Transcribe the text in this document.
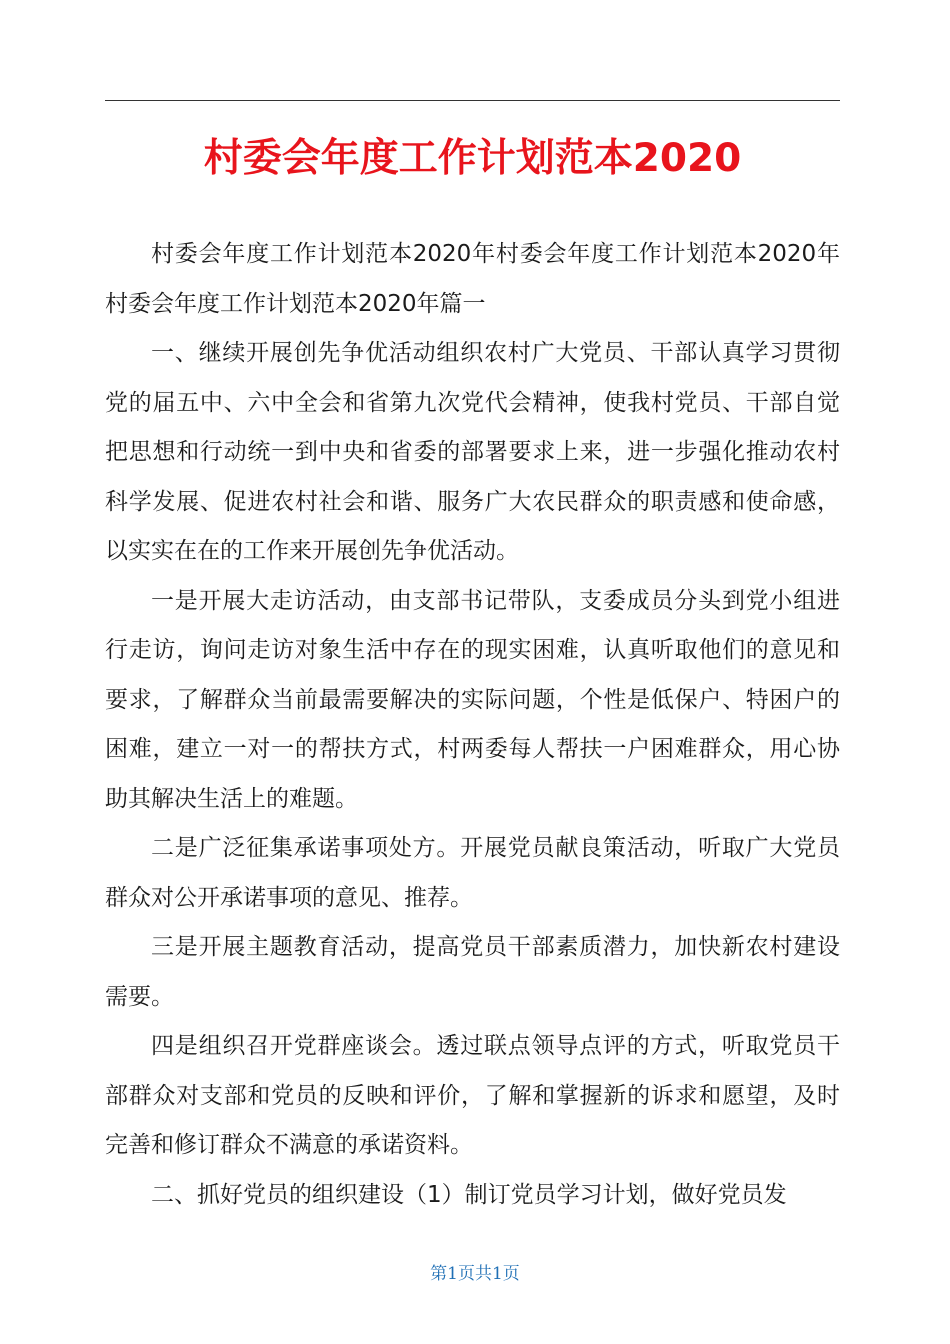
村委会年度工作计划范本2020

村委会年度工作计划范本2020年村委会年度工作计划范本2020年村委会年度工作计划范本2020年篇一

一、继续开展创先争优活动组织农村广大党员、干部认真学习贯彻党的届五中、六中全会和省第九次党代会精神，使我村党员、干部自觉把思想和行动统一到中央和省委的部署要求上来，进一步强化推动农村科学发展、促进农村社会和谐、服务广大农民群众的职责感和使命感，以实实在在的工作来开展创先争优活动。

一是开展大走访活动，由支部书记带队，支委成员分头到党小组进行走访，询问走访对象生活中存在的现实困难，认真听取他们的意见和要求，了解群众当前最需要解决的实际问题，个性是低保户、特困户的困难，建立一对一的帮扶方式，村两委每人帮扶一户困难群众，用心协助其解决生活上的难题。

二是广泛征集承诺事项处方。开展党员献良策活动，听取广大党员群众对公开承诺事项的意见、推荐。

三是开展主题教育活动，提高党员干部素质潜力，加快新农村建设需要。

四是组织召开党群座谈会。透过联点领导点评的方式，听取党员干部群众对支部和党员的反映和评价，了解和掌握新的诉求和愿望，及时完善和修订群众不满意的承诺资料。

二、抓好党员的组织建设（1）制订党员学习计划，做好党员发

第1页共1页
